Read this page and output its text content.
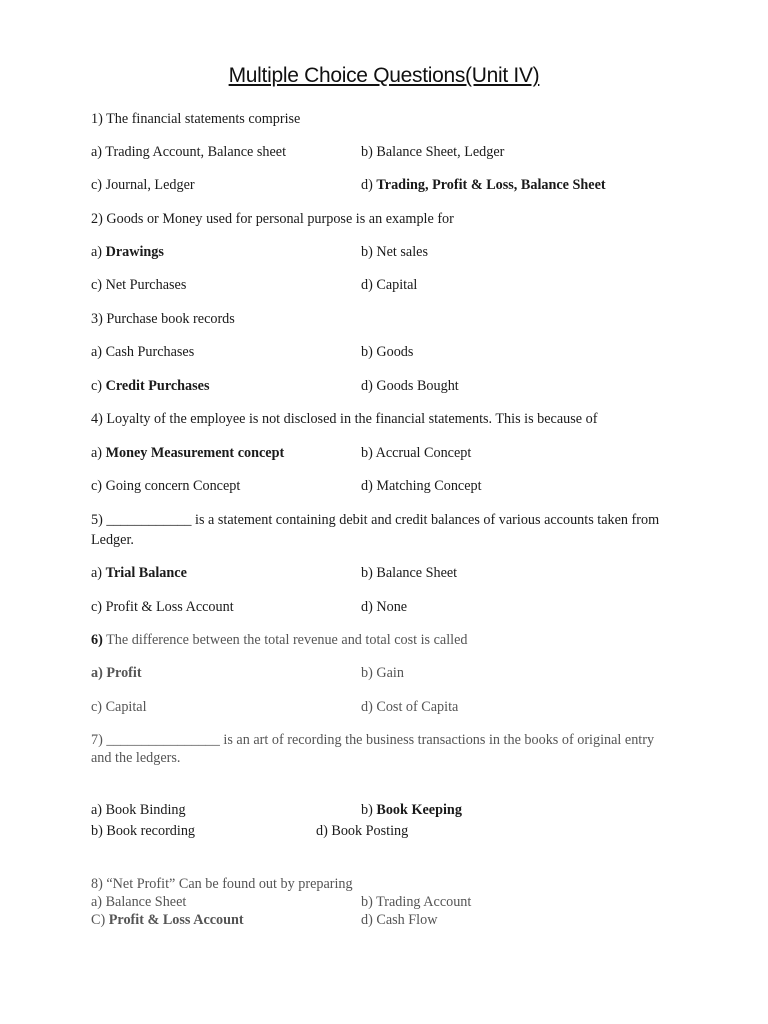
Multiple Choice Questions(Unit IV)
1) The financial statements comprise
a) Trading Account, Balance sheet	b) Balance Sheet, Ledger
c) Journal, Ledger	d) Trading, Profit & Loss, Balance Sheet
2) Goods or Money used for personal purpose is an example for
a) Drawings	b) Net sales
c) Net Purchases	d) Capital
3) Purchase book records
a) Cash Purchases	b) Goods
c) Credit Purchases	d) Goods Bought
4) Loyalty of the employee is not disclosed in the financial statements. This is because of
a) Money Measurement concept	b) Accrual Concept
c) Going concern Concept	d) Matching Concept
5) ____________ is a statement containing debit and credit balances of various accounts taken from Ledger.
a) Trial Balance	b) Balance Sheet
c) Profit & Loss Account	d) None
6) The difference between the total revenue and total cost is called
a) Profit	b) Gain
c) Capital	d) Cost of Capita
7) ________________ is an art of recording the business transactions in the books of original entry and the ledgers.
a) Book Binding	b) Book Keeping
b) Book recording	d) Book Posting
8) “Net Profit” Can be found out by preparing
a) Balance Sheet	b) Trading Account
C) Profit & Loss Account	d) Cash Flow
